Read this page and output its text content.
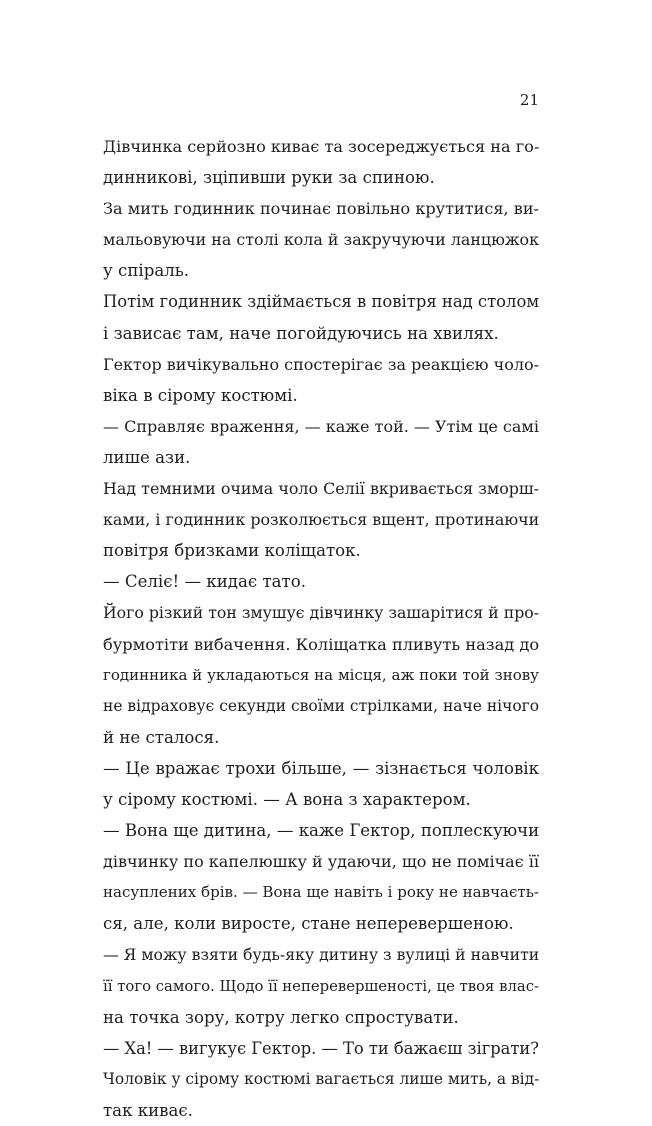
21
Дівчинка серйозно киває та зосереджується на го-
динникові, зціпивши руки за спиною.
За мить годинник починає повільно крутитися, ви-
мальовуючи на столі кола й закручуючи ланцюжок
у спіраль.
Потім годинник здіймається в повітря над столом
і зависає там, наче погойдуючись на хвилях.
Гектор вичікувально спостерігає за реакцією чоло-
віка в сірому костюмі.
— Справляє враження, — каже той. — Утім це самі
лише ази.
Над темними очима чоло Селії вкривається зморш-
ками, і годинник розколюється вщент, протинаючи
повітря бризками коліщаток.
— Селіє! — кидає тато.
Його різкий тон змушує дівчинку зашарітися й про-
бурмотіти вибачення. Коліщатка пливуть назад до
годинника й укладаються на місця, аж поки той знову
не відраховує секунди своїми стрілками, наче нічого
й не сталося.
— Це вражає трохи більше, — зізнається чоловік
у сірому костюмі. — А вона з характером.
— Вона ще дитина, — каже Гектор, поплескуючи
дівчинку по капелюшку й удаючи, що не помічає її
насуплених брів. — Вона ще навіть і року не навчаєть-
ся, але, коли виросте, стане неперевершеною.
— Я можу взяти будь-яку дитину з вулиці й навчити
її того самого. Щодо її неперевершеності, це твоя влас-
на точка зору, котру легко спростувати.
— Ха! — вигукує Гектор. — То ти бажаєш зіграти?
Чоловік у сірому костюмі вагається лише мить, а від-
так киває.
